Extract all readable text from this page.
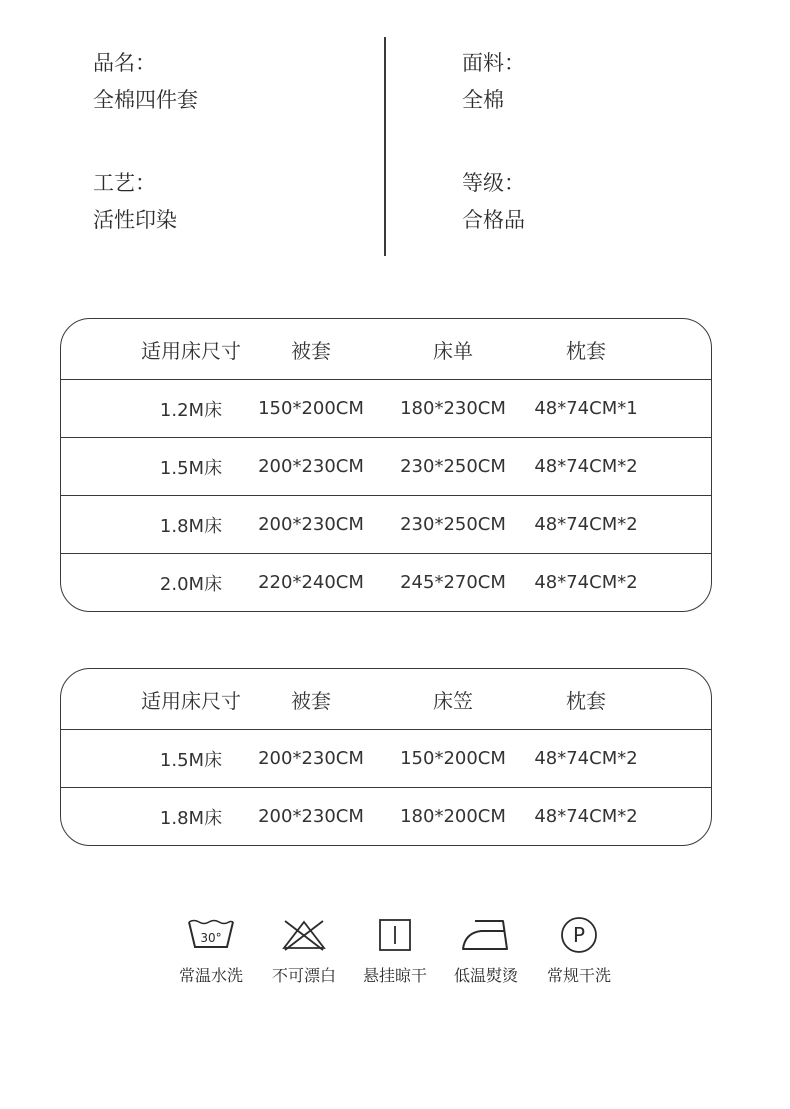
品名：
全棉四件套
面料：
全棉
工艺：
活性印染
等级：
合格品
适用床尺寸	被套	床单	枕套
1.2M床	150*200CM	180*230CM	48*74CM*1
1.5M床	200*230CM	230*250CM	48*74CM*2
1.8M床	200*230CM	230*250CM	48*74CM*2
2.0M床	220*240CM	245*270CM	48*74CM*2
适用床尺寸	被套	床笠	枕套
1.5M床	200*230CM	150*200CM	48*74CM*2
1.8M床	200*230CM	180*200CM	48*74CM*2
30°
常温水洗	不可漂白	悬挂晾干	低温熨烫
P
常规干洗
